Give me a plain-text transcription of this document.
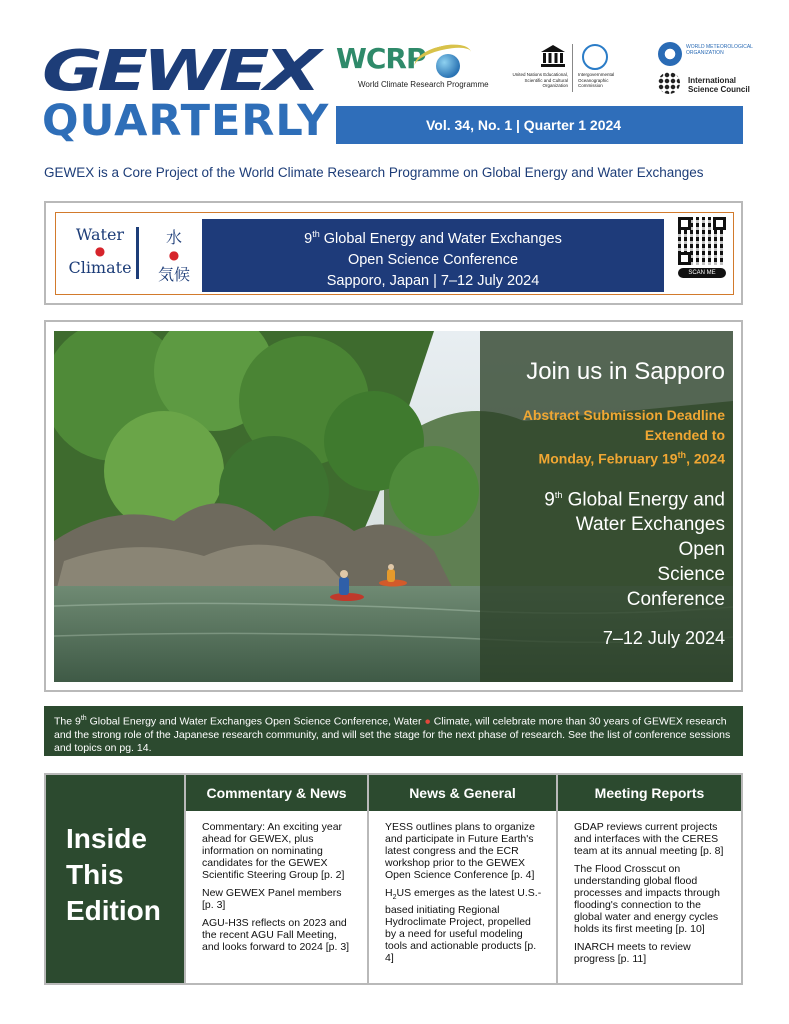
GEWEX
QUARTERLY
WCRP
World Climate Research Programme
United Nations Educational, Scientific and Cultural Organization
Intergovernmental Oceanographic Commission
WORLD METEOROLOGICAL ORGANIZATION
International Science Council
Vol. 34, No. 1 | Quarter 1 2024
GEWEX is a Core Project of the World Climate Research Programme on Global Energy and Water Exchanges
Water
●
Climate
水
●
気候
9th Global Energy and Water Exchanges
Open Science Conference
Sapporo, Japan | 7–12 July 2024	SCAN ME
Join us in Sapporo
Abstract Submission Deadline
Extended to
Monday, February 19th, 2024
9th Global Energy and
Water Exchanges
Open
Science
Conference
7–12 July 2024
The 9th Global Energy and Water Exchanges Open Science Conference, Water ● Climate, will celebrate more than 30 years of GEWEX research and the strong role of the Japanese research community, and will set the stage for the next phase of research. See the list of conference sessions and topics on pg. 14.
Inside
This
Edition
Commentary & News

Commentary: An exciting year ahead for GEWEX, plus information on nominating candidates for the GEWEX Scientific Steering Group [p. 2]

New GEWEX Panel members [p. 3]

AGU-H3S reflects on 2023 and the recent AGU Fall Meeting, and looks forward to 2024 [p. 3]

News & General

YESS outlines plans to organize and participate in Future Earth's latest congress and the ECR workshop prior to the GEWEX Open Science Conference [p. 4]

$H_2US$ emerges as the latest U.S.-based initiating Regional Hydroclimate Project, propelled by a need for useful modeling tools and actionable products [p. 4]

Meeting Reports

GDAP reviews current projects and interfaces with the CERES team at its annual meeting [p. 8]

The Flood Crosscut on understanding global flood processes and impacts through flooding's connection to the global water and energy cycles holds its first meeting [p. 10]

INARCH meets to review progress [p. 11]
